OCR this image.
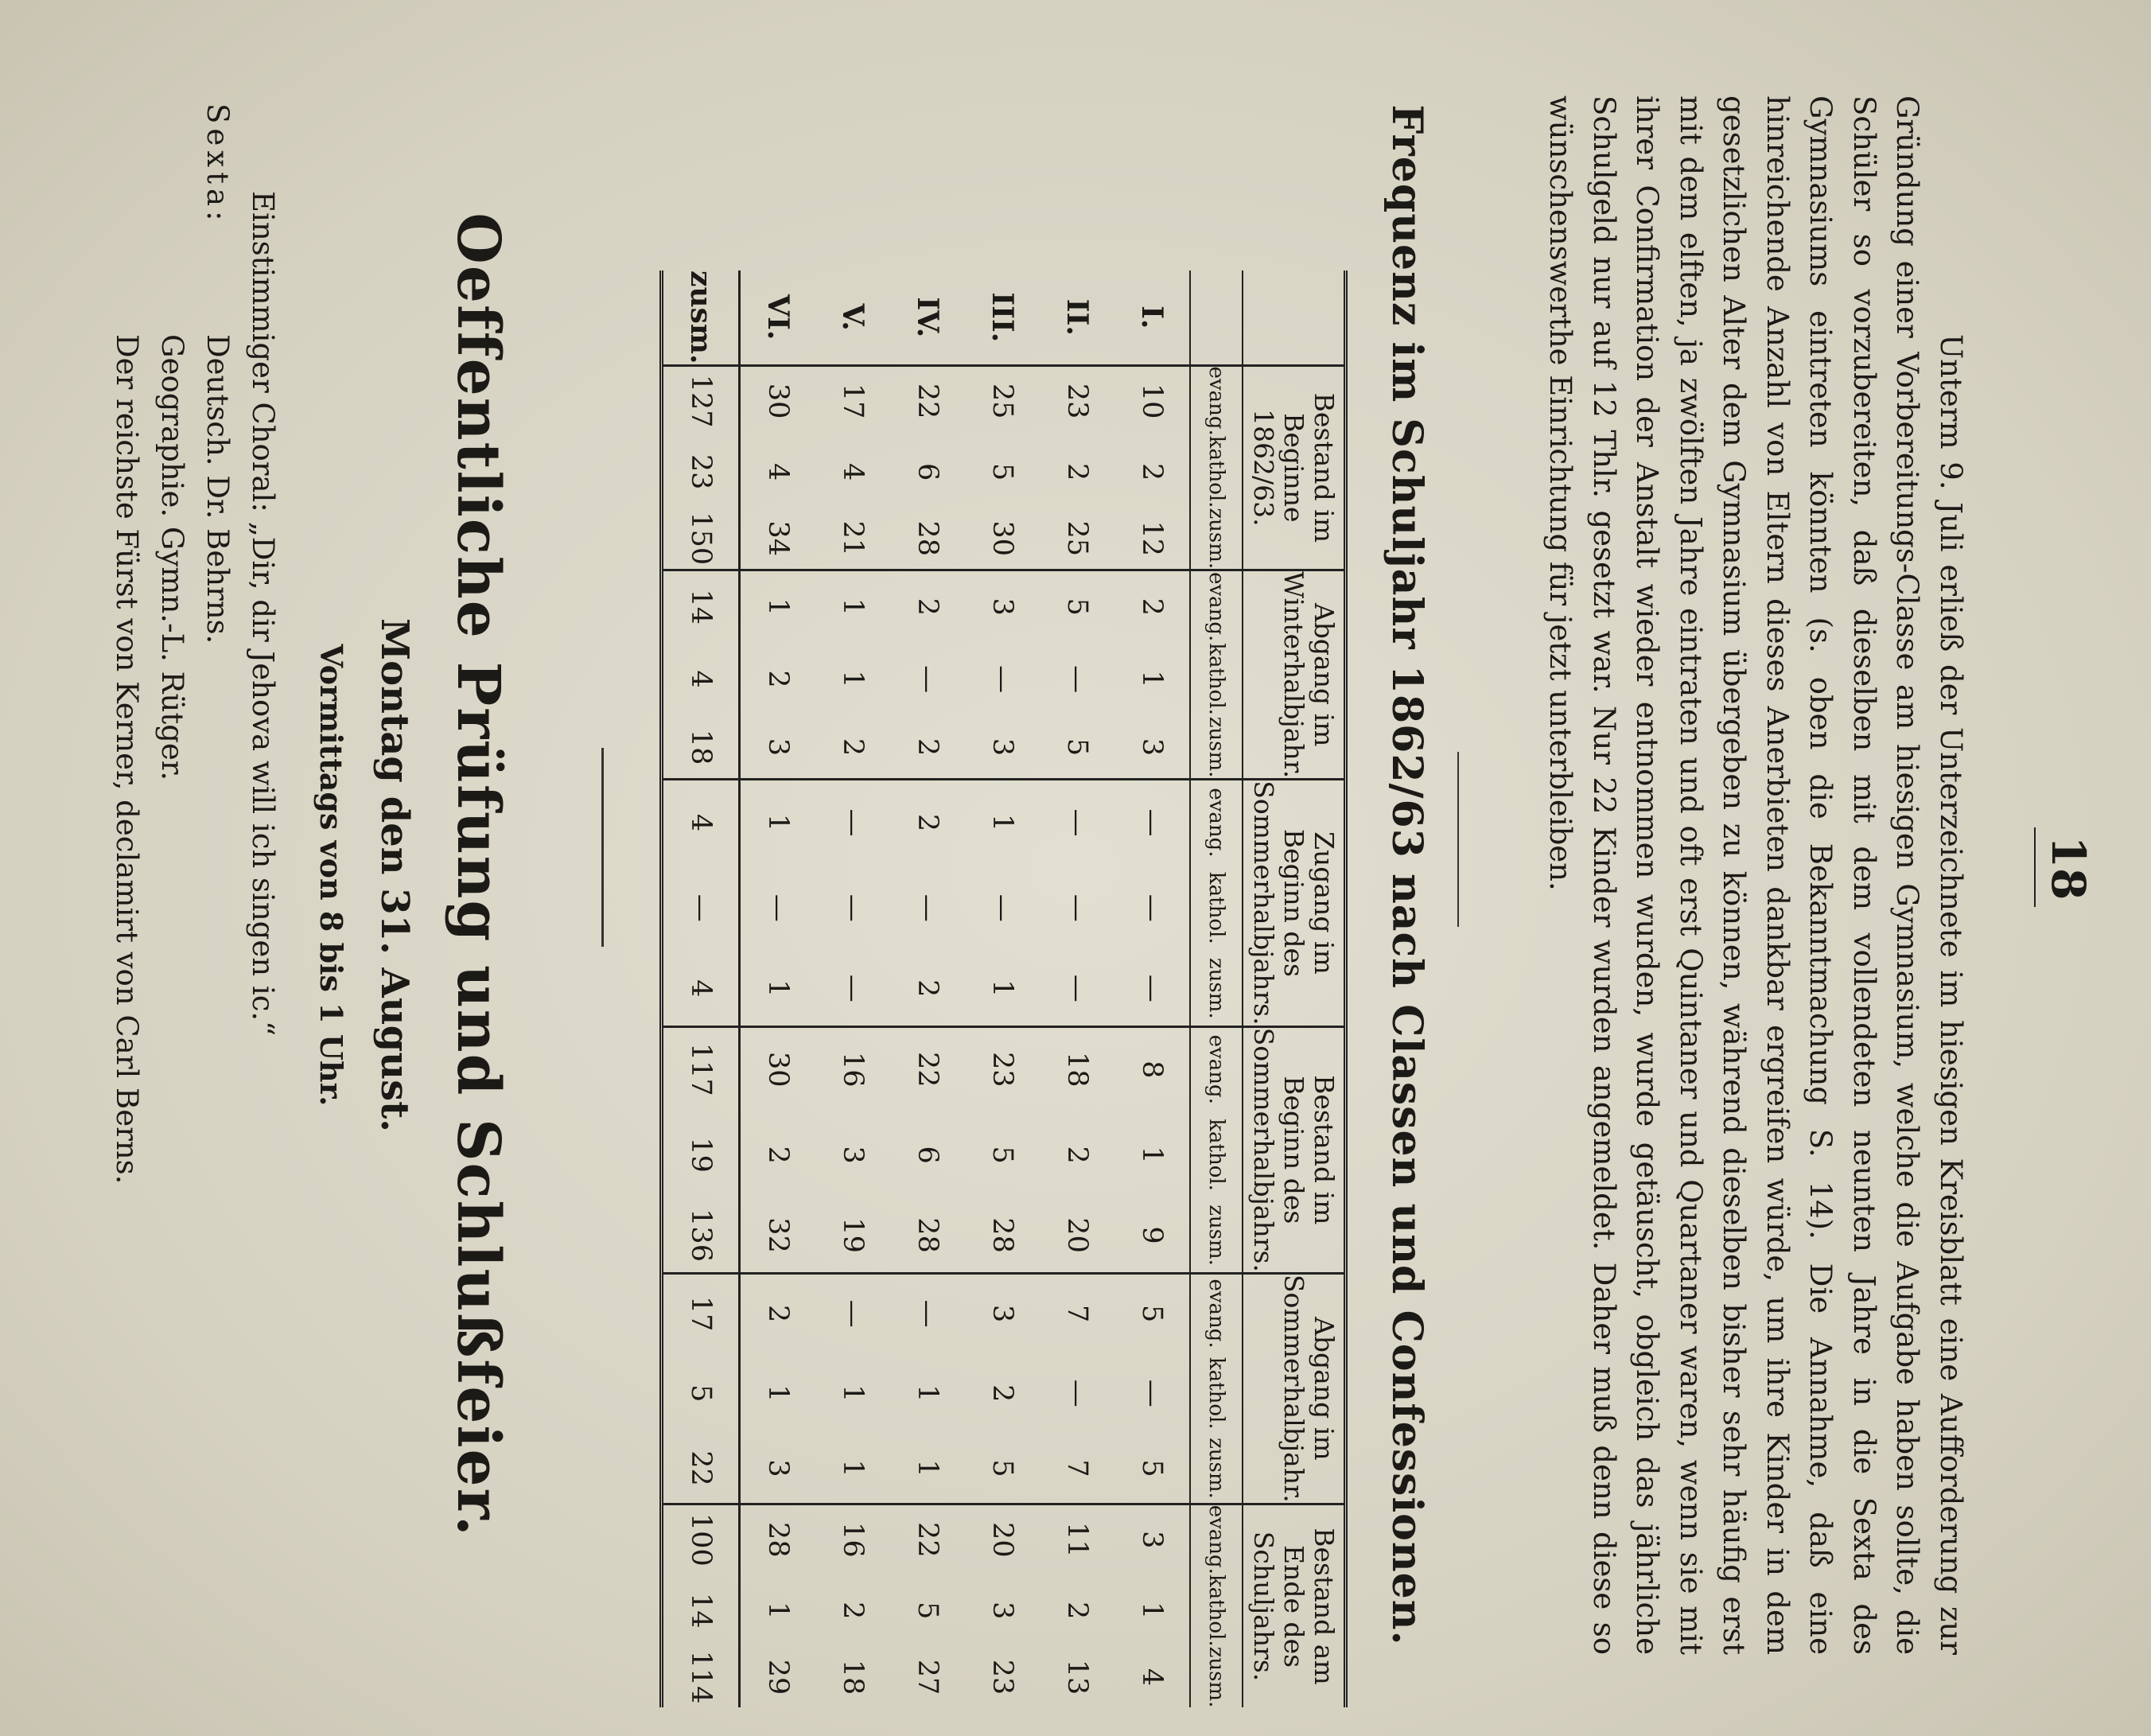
18

Unterm 9. Juli erließ der Unterzeichnete im hiesigen Kreisblatt eine Aufforderung zur Gründung einer Vorbereitungs-Classe am hiesigen Gymnasium, welche die Aufgabe haben sollte, die Schüler so vorzubereiten, daß dieselben mit dem vollendeten neunten Jahre in die Sexta des Gymnasiums eintreten könnten (s. oben die Bekanntmachung S. 14). Die Annahme, daß eine hinreichende Anzahl von Eltern dieses Anerbieten dankbar ergreifen würde, um ihre Kinder in dem gesetzlichen Alter dem Gymnasium übergeben zu können, während dieselben bisher sehr häufig erst mit dem elften, ja zwölften Jahre eintraten und oft erst Quintaner und Quartaner waren, wenn sie mit ihrer Confirmation der Anstalt wieder entnommen wurden, wurde getäuscht, obgleich das jährliche Schulgeld nur auf 12 Thlr. gesetzt war. Nur 22 Kinder wurden angemeldet. Daher muß denn diese so wünschenswerthe Einrichtung für jetzt unterbleiben.

Frequenz im Schuljahr 1862/63 nach Classen und Confessionen.
	Bestand im Beginne 1862/63.			Abgang im Winterhalbjahr.			Zugang im Beginn des Sommerhalbjahrs.			Bestand im Beginn des Sommerhalbjahrs.			Abgang im Sommerhalbjahr.			Bestand am Ende des Schuljahrs.		
	evang.	kathol.	zusm.	evang.	kathol.	zusm.	evang.	kathol.	zusm.	evang.	kathol.	zusm.	evang.	kathol.	zusm.	evang.	kathol.	zusm.
I.	10	2	12	2	1	3	—	—	—	8	1	9	5	—	5	3	1	4
II.	23	2	25	5	—	5	—	—	—	18	2	20	7	—	7	11	2	13
III.	25	5	30	3	—	3	1	—	1	23	5	28	3	2	5	20	3	23
IV.	22	6	28	2	—	2	2	—	2	22	6	28	—	1	1	22	5	27
V.	17	4	21	1	1	2	—	—	—	16	3	19	—	1	1	16	2	18
VI.	30	4	34	1	2	3	1	—	1	30	2	32	2	1	3	28	1	29
zusm.	127	23	150	14	4	18	4	—	4	117	19	136	17	5	22	100	14	114
Oeffentliche Prüfung und Schlußfeier.
Montag den 31. August.
Vormittags von 8 bis 1 Uhr.
Einstimmiger Choral: „Dir, dir Jehova will ich singen ic.“
Sexta:
Deutsch. Dr. Behrns.
Geographie. Gymn.-L. Rütger.
Der reichste Fürst von Kerner, declamirt von Carl Berns.
